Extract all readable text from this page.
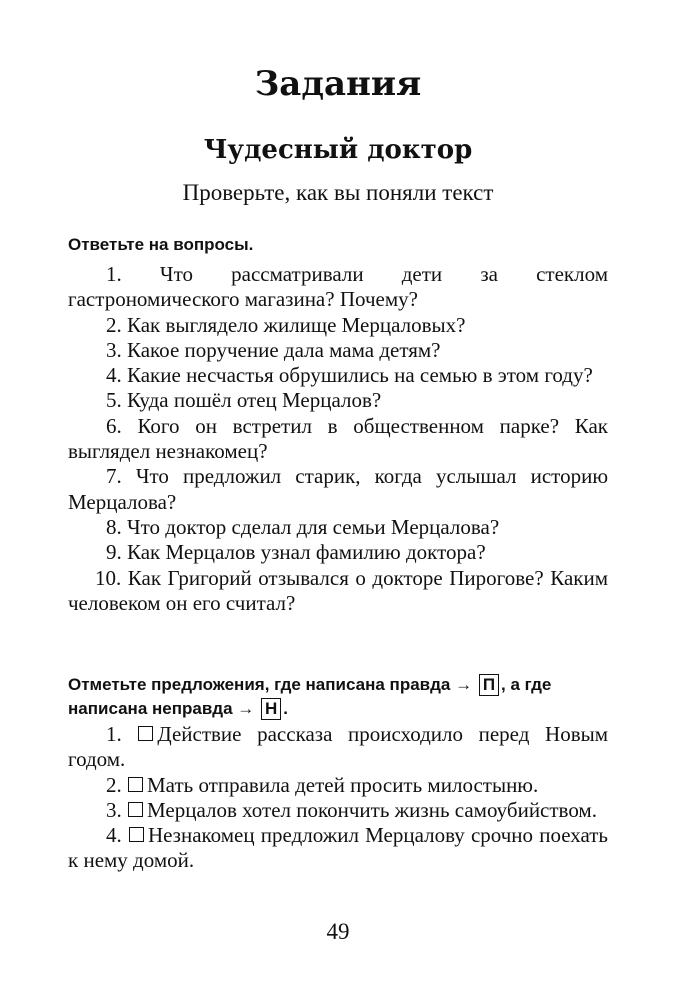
Задания
Чудесный доктор

Проверьте, как вы поняли текст

Ответьте на вопросы.

1. Что рассматривали дети за стеклом гастрономического магазина? Почему?
2. Как выглядело жилище Мерцаловых?
3. Какое поручение дала мама детям?
4. Какие несчастья обрушились на семью в этом году?
5. Куда пошёл отец Мерцалов?
6. Кого он встретил в общественном парке? Как выглядел незнакомец?
7. Что предложил старик, когда услышал историю Мерцалова?
8. Что доктор сделал для семьи Мерцалова?
9. Как Мерцалов узнал фамилию доктора?
10. Как Григорий отзывался о докторе Пирогове? Каким человеком он его считал?

Отметьте предложения, где написана правда → П , а где написана неправда → Н .

1. Действие рассказа происходило перед Новым годом.
2. Мать отправила детей просить милостыню.
3. Мерцалов хотел покончить жизнь самоубийством.
4. Незнакомец предложил Мерцалову срочно поехать к нему домой.

49
